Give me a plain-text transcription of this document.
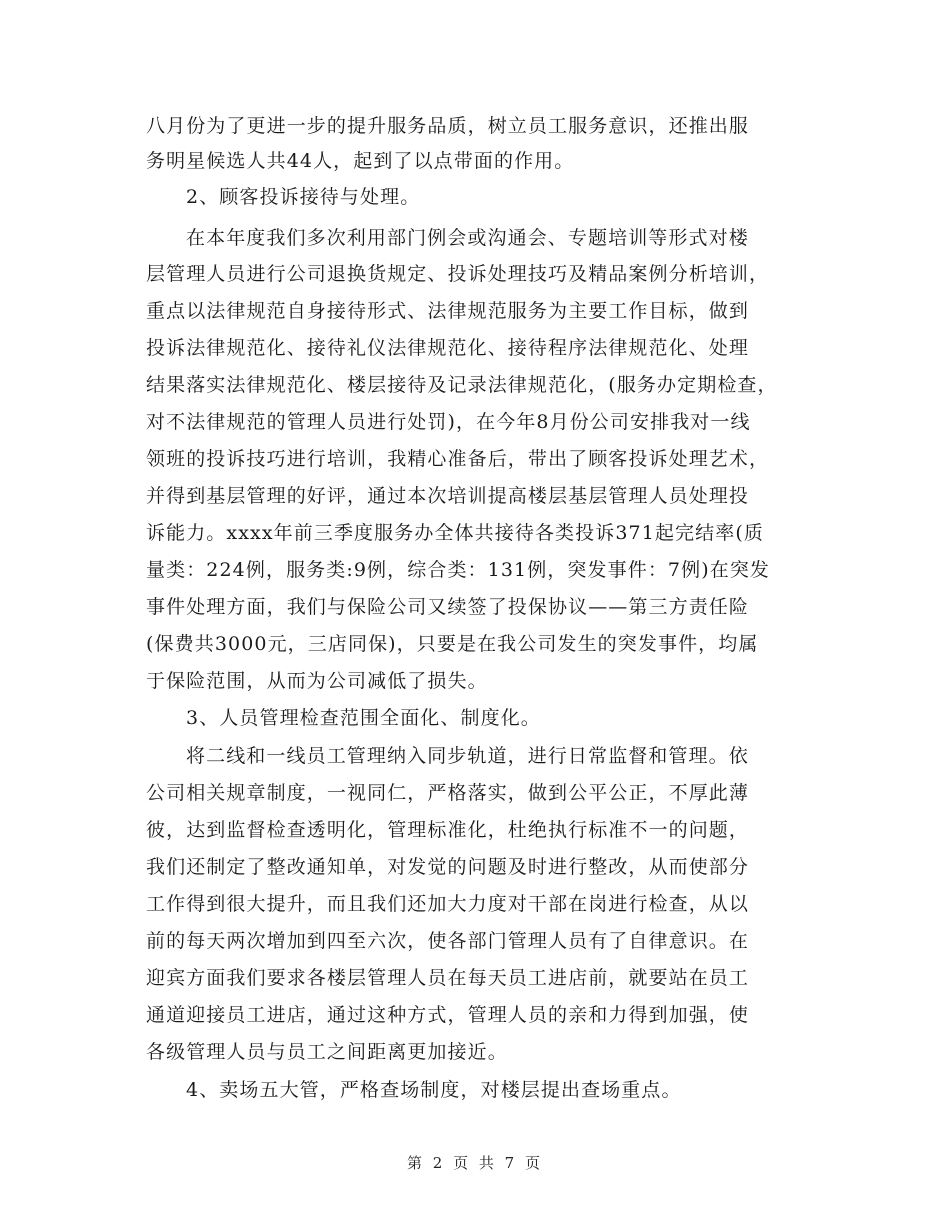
八月份为了更进一步的提升服务品质，树立员工服务意识，还推出服
务明星候选人共44人，起到了以点带面的作用。
2、顾客投诉接待与处理。
在本年度我们多次利用部门例会或沟通会、专题培训等形式对楼
层管理人员进行公司退换货规定、投诉处理技巧及精品案例分析培训，
重点以法律规范自身接待形式、法律规范服务为主要工作目标，做到
投诉法律规范化、接待礼仪法律规范化、接待程序法律规范化、处理
结果落实法律规范化、楼层接待及记录法律规范化，(服务办定期检查，
对不法律规范的管理人员进行处罚)，在今年8月份公司安排我对一线
领班的投诉技巧进行培训，我精心准备后，带出了顾客投诉处理艺术，
并得到基层管理的好评，通过本次培训提高楼层基层管理人员处理投
诉能力。xxxx年前三季度服务办全体共接待各类投诉371起完结率(质
量类：224例，服务类:9例，综合类：131例，突发事件：7例)在突发
事件处理方面，我们与保险公司又续签了投保协议——第三方责任险
(保费共3000元，三店同保)，只要是在我公司发生的突发事件，均属
于保险范围，从而为公司减低了损失。
3、人员管理检查范围全面化、制度化。
将二线和一线员工管理纳入同步轨道，进行日常监督和管理。依
公司相关规章制度，一视同仁，严格落实，做到公平公正，不厚此薄
彼，达到监督检查透明化，管理标准化，杜绝执行标准不一的问题，
我们还制定了整改通知单，对发觉的问题及时进行整改，从而使部分
工作得到很大提升，而且我们还加大力度对干部在岗进行检查，从以
前的每天两次增加到四至六次，使各部门管理人员有了自律意识。在
迎宾方面我们要求各楼层管理人员在每天员工进店前，就要站在员工
通道迎接员工进店，通过这种方式，管理人员的亲和力得到加强，使
各级管理人员与员工之间距离更加接近。
4、卖场五大管，严格查场制度，对楼层提出查场重点。
第 2 页 共 7 页
